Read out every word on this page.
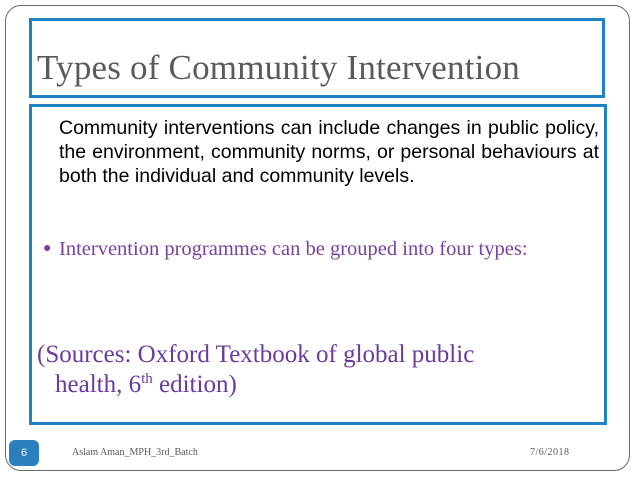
Types of Community Intervention

Community interventions can include changes in public policy, the environment, community norms, or personal behaviours at both the individual and community levels.

● Intervention programmes can be grouped into four types:

(Sources: Oxford Textbook of global public
health, 6th edition)

6	Aslam Aman_MPH_3rd_Batch	7/6/2018
